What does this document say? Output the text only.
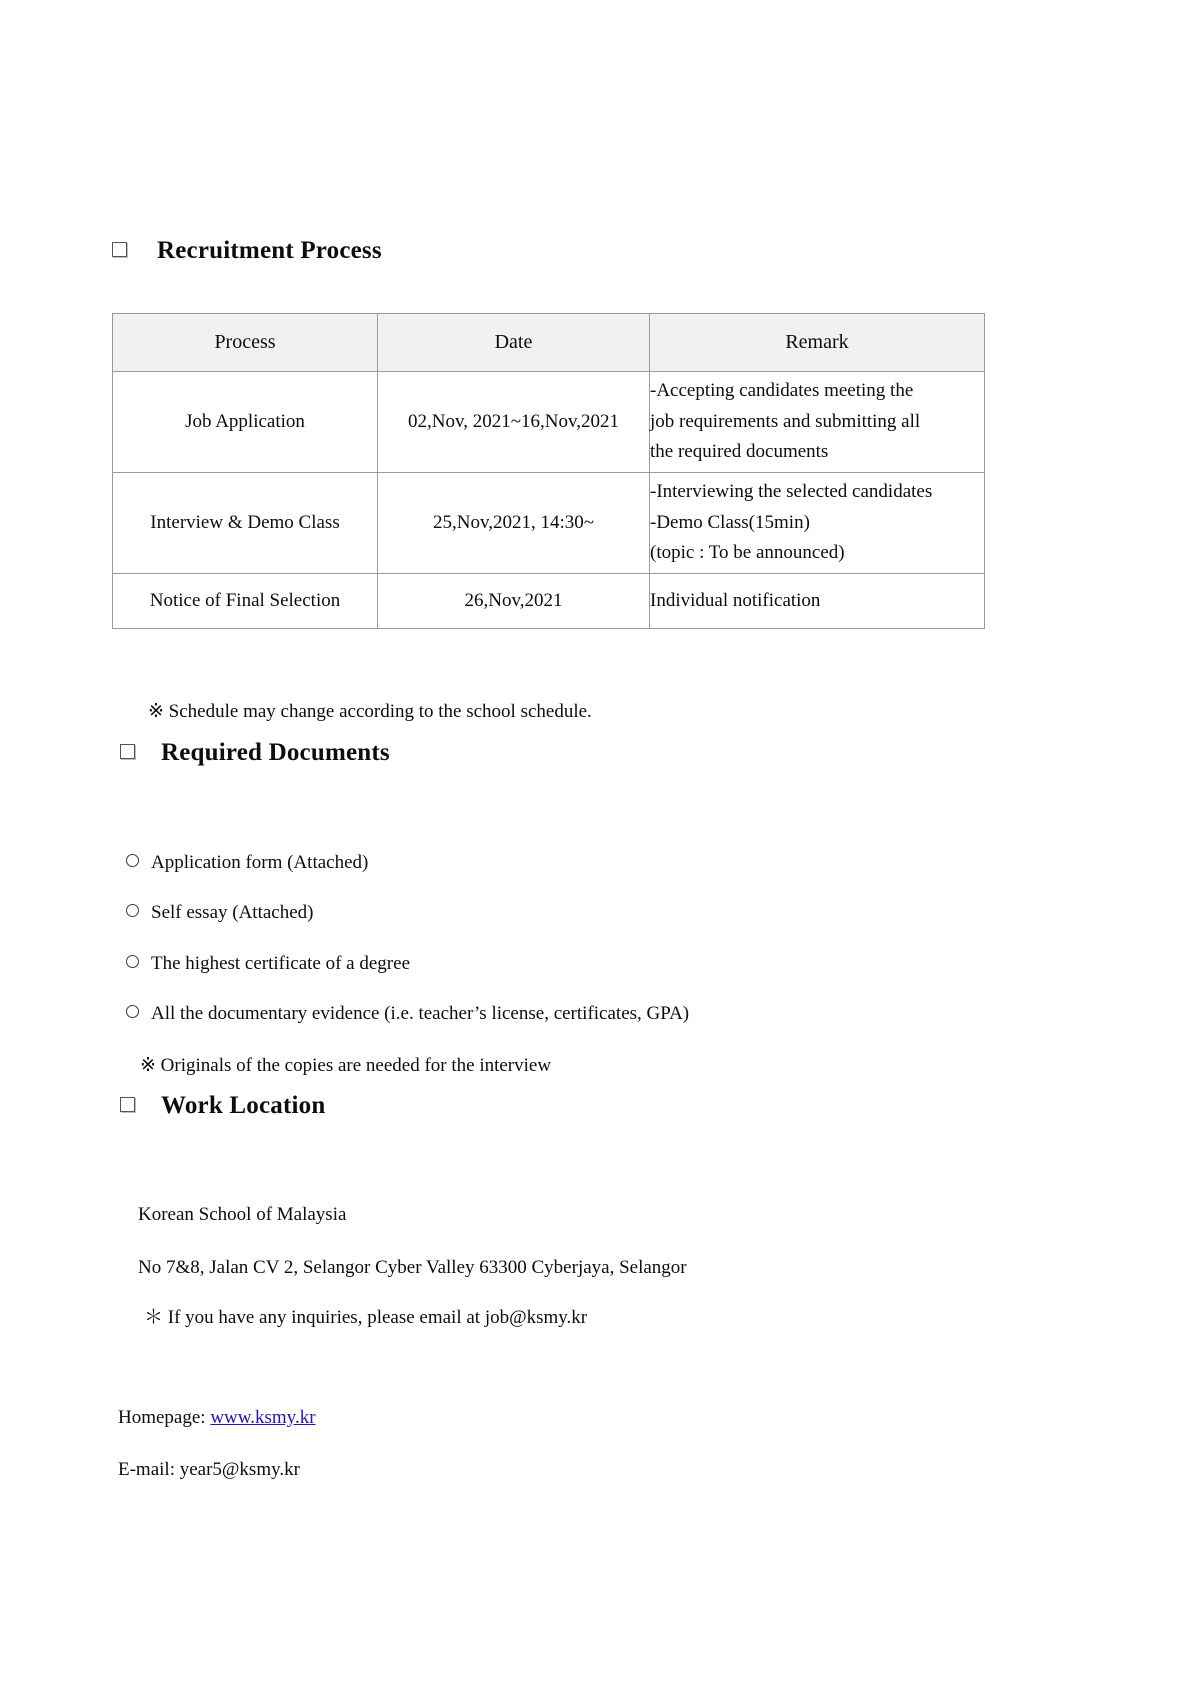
Recruitment Process
Process	Date	Remark
Job Application	02,Nov, 2021~16,Nov,2021	-Accepting candidates meeting the
job requirements and submitting all
the required documents

Interview & Demo Class	25,Nov,2021, 14:30~	-Interviewing the selected candidates
-Demo Class(15min)
(topic : To be announced)

Notice of Final Selection	26,Nov,2021	Individual notification
※ Schedule may change according to the school schedule.
Required Documents
Application form (Attached)
Self essay (Attached)
The highest certificate of a degree
All the documentary evidence (i.e. teacher’s license, certificates, GPA)
※ Originals of the copies are needed for the interview
Work Location
Korean School of Malaysia
No 7&8, Jalan CV 2, Selangor Cyber Valley 63300 Cyberjaya, Selangor
＊ If you have any inquiries, please email at job@ksmy.kr
Homepage: www.ksmy.kr
E-mail: year5@ksmy.kr
